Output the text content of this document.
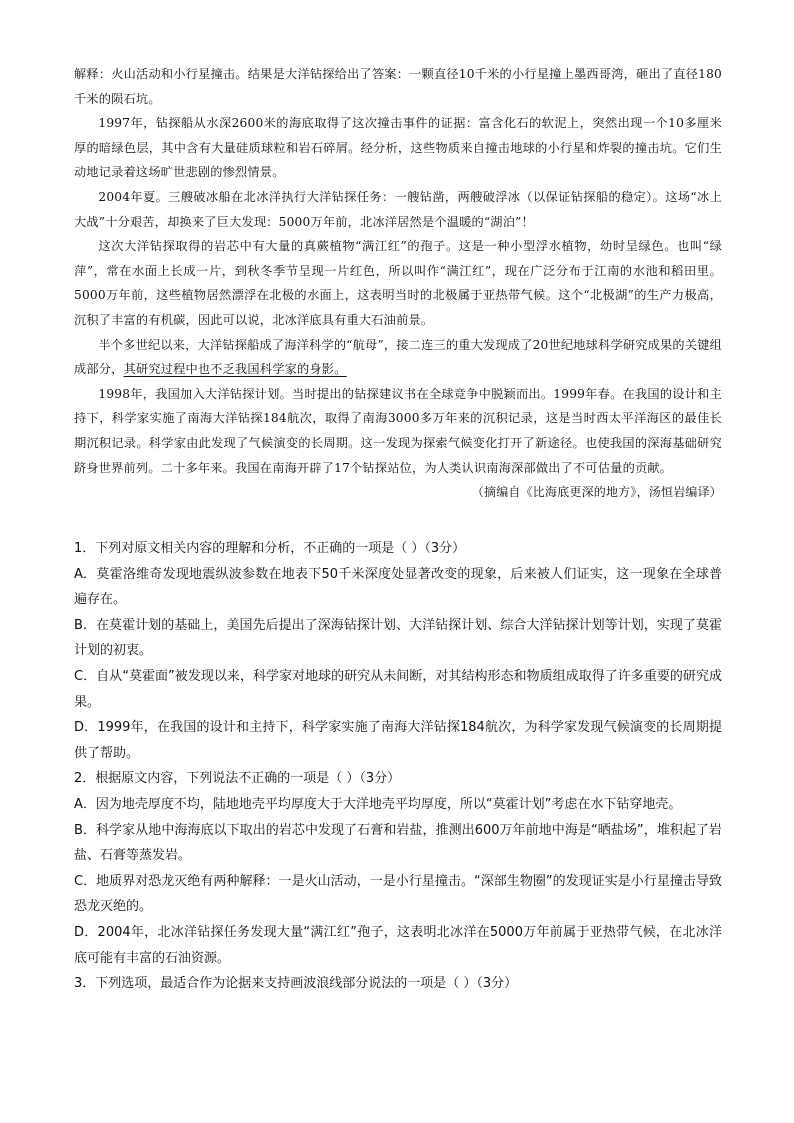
解释：火山活动和小行星撞击。结果是大洋钻探给出了答案：一颗直径10千米的小行星撞上墨西哥湾，砸出了直径180千米的陨石坑。

1997年，钻探船从水深2600米的海底取得了这次撞击事件的证据：富含化石的软泥上，突然出现一个10多厘米厚的暗绿色层，其中含有大量硅质球粒和岩石碎屑。经分析，这些物质来自撞击地球的小行星和炸裂的撞击坑。它们生动地记录着这场旷世悲剧的惨烈情景。

2004年夏。三艘破冰船在北冰洋执行大洋钻探任务：一艘钻凿，两艘破浮冰（以保证钻探船的稳定）。这场“冰上大战”十分艰苦，却换来了巨大发现：5000万年前，北冰洋居然是个温暖的“湖泊”！

这次大洋钻探取得的岩芯中有大量的真蕨植物“满江红”的孢子。这是一种小型浮水植物，幼时呈绿色。也叫“绿萍”，常在水面上长成一片，到秋冬季节呈现一片红色，所以叫作“满江红”，现在广泛分布于江南的水池和稻田里。5000万年前，这些植物居然漂浮在北极的水面上，这表明当时的北极属于亚热带气候。这个“北极湖”的生产力极高，沉积了丰富的有机碳，因此可以说，北冰洋底具有重大石油前景。

半个多世纪以来，大洋钻探船成了海洋科学的“航母”，接二连三的重大发现成了20世纪地球科学研究成果的关键组成部分，其研究过程中也不乏我国科学家的身影。

1998年，我国加入大洋钻探计划。当时提出的钻探建议书在全球竞争中脱颖而出。1999年春。在我国的设计和主持下，科学家实施了南海大洋钻探184航次，取得了南海3000多万年来的沉积记录，这是当时西太平洋海区的最佳长期沉积记录。科学家由此发现了气候演变的长周期。这一发现为探索气候变化打开了新途径。也使我国的深海基础研究跻身世界前列。二十多年来。我国在南海开辟了17个钻探站位，为人类认识南海深部做出了不可估量的贡献。

（摘编自《比海底更深的地方》，汤恒岩编译）

1．下列对原文相关内容的理解和分析，不正确的一项是（ ）（3分）

A．莫霍洛维奇发现地震纵波参数在地表下50千米深度处显著改变的现象，后来被人们证实，这一现象在全球普遍存在。

B．在莫霍计划的基础上，美国先后提出了深海钻探计划、大洋钻探计划、综合大洋钻探计划等计划，实现了莫霍计划的初衷。

C．自从“莫霍面”被发现以来，科学家对地球的研究从未间断，对其结构形态和物质组成取得了许多重要的研究成果。

D．1999年，在我国的设计和主持下，科学家实施了南海大洋钻探184航次，为科学家发现气候演变的长周期提供了帮助。

2．根据原文内容，下列说法不正确的一项是（ ）（3分）

A．因为地壳厚度不均，陆地地壳平均厚度大于大洋地壳平均厚度，所以“莫霍计划”考虑在水下钻穿地壳。

B．科学家从地中海海底以下取出的岩芯中发现了石膏和岩盐，推测出600万年前地中海是“晒盐场”，堆积起了岩盐、石膏等蒸发岩。

C．地质界对恐龙灭绝有两种解释：一是火山活动，一是小行星撞击。“深部生物圈”的发现证实是小行星撞击导致恐龙灭绝的。

D．2004年，北冰洋钻探任务发现大量“满江红”孢子，这表明北冰洋在5000万年前属于亚热带气候，在北冰洋底可能有丰富的石油资源。

3．下列选项，最适合作为论据来支持画波浪线部分说法的一项是（ ）（3分）
